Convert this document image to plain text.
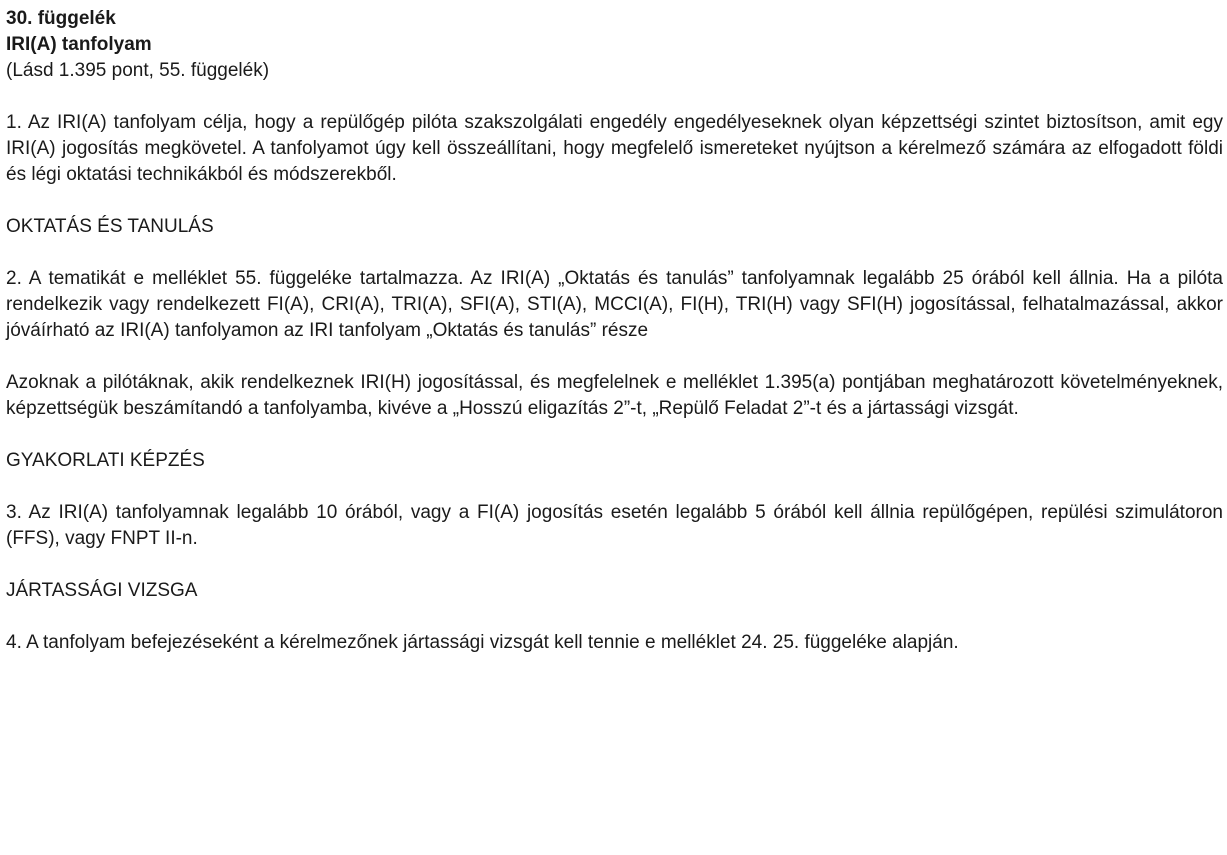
30. függelék
IRI(A) tanfolyam
(Lásd 1.395 pont, 55. függelék)

1. Az IRI(A) tanfolyam célja, hogy a repülőgép pilóta szakszolgálati engedély engedélyeseknek olyan képzettségi szintet biztosítson, amit egy IRI(A) jogosítás megkövetel. A tanfolyamot úgy kell összeállítani, hogy megfelelő ismereteket nyújtson a kérelmező számára az elfogadott földi és légi oktatási technikákból és módszerekből.

OKTATÁS ÉS TANULÁS

2. A tematikát e melléklet 55. függeléke tartalmazza. Az IRI(A) „Oktatás és tanulás” tanfolyamnak legalább 25 órából kell állnia. Ha a pilóta rendelkezik vagy rendelkezett FI(A), CRI(A), TRI(A), SFI(A), STI(A), MCCI(A), FI(H), TRI(H) vagy SFI(H) jogosítással, felhatalmazással, akkor jóváírható az IRI(A) tanfolyamon az IRI tanfolyam „Oktatás és tanulás” része

Azoknak a pilótáknak, akik rendelkeznek IRI(H) jogosítással, és megfelelnek e melléklet 1.395(a) pontjában meghatározott követelményeknek, képzettségük beszámítandó a tanfolyamba, kivéve a „Hosszú eligazítás 2”-t, „Repülő Feladat 2”-t és a jártassági vizsgát.

GYAKORLATI KÉPZÉS

3. Az IRI(A) tanfolyamnak legalább 10 órából, vagy a FI(A) jogosítás esetén legalább 5 órából kell állnia repülőgépen, repülési szimulátoron (FFS), vagy FNPT II-n.

JÁRTASSÁGI VIZSGA

4. A tanfolyam befejezéseként a kérelmezőnek jártassági vizsgát kell tennie e melléklet 24. 25. függeléke alapján.
